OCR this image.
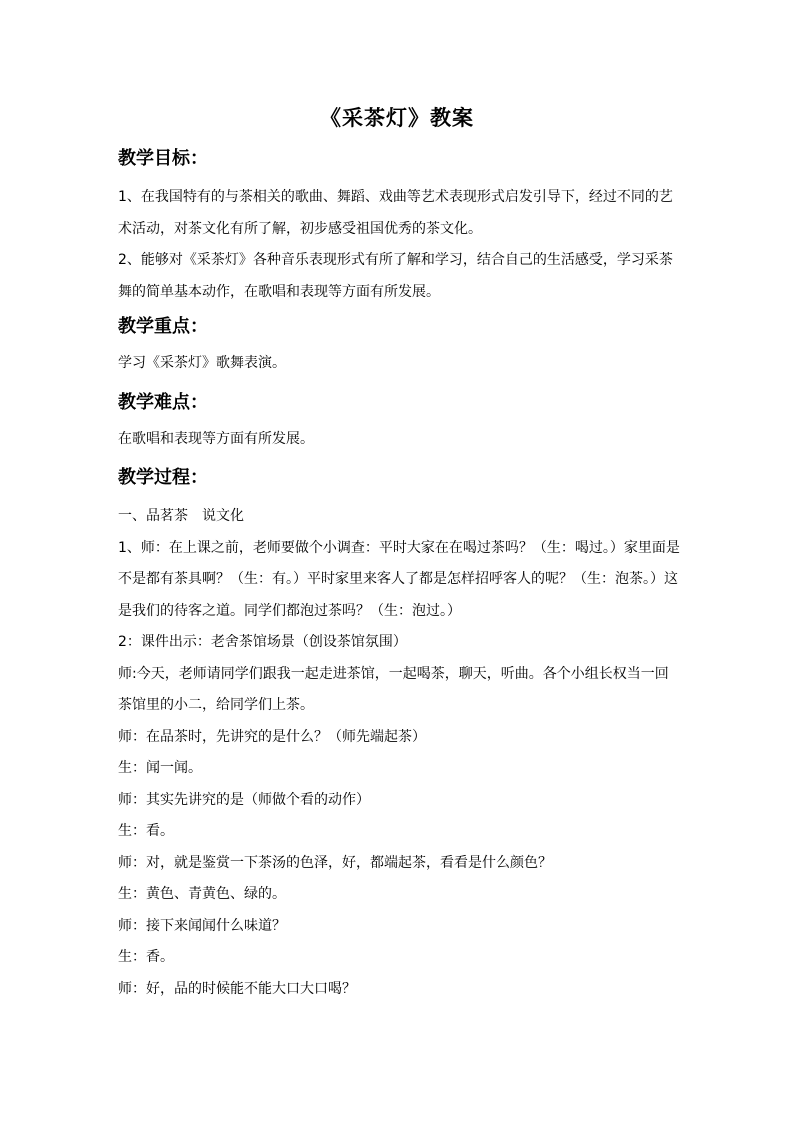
《采茶灯》教案
教学目标：

1、在我国特有的与茶相关的歌曲、舞蹈、戏曲等艺术表现形式启发引导下，经过不同的艺术活动，对茶文化有所了解，初步感受祖国优秀的茶文化。

2、能够对《采茶灯》各种音乐表现形式有所了解和学习，结合自己的生活感受，学习采茶舞的简单基本动作，在歌唱和表现等方面有所发展。

教学重点：

学习《采茶灯》歌舞表演。

教学难点：

在歌唱和表现等方面有所发展。

教学过程：

一、品茗茶　说文化

1、师：在上课之前，老师要做个小调查：平时大家在在喝过茶吗？（生：喝过。）家里面是不是都有茶具啊？（生：有。）平时家里来客人了都是怎样招呼客人的呢？（生：泡茶。）这是我们的待客之道。同学们都泡过茶吗？（生：泡过。）

2：课件出示：老舍茶馆场景（创设茶馆氛围）

师:今天，老师请同学们跟我一起走进茶馆，一起喝茶，聊天，听曲。各个小组长权当一回茶馆里的小二，给同学们上茶。

师：在品茶时，先讲究的是什么？（师先端起茶）

生：闻一闻。

师：其实先讲究的是（师做个看的动作）

生：看。

师：对，就是鉴赏一下茶汤的色泽，好，都端起茶，看看是什么颜色？

生：黄色、青黄色、绿的。

师：接下来闻闻什么味道？

生：香。

师：好，品的时候能不能大口大口喝？
